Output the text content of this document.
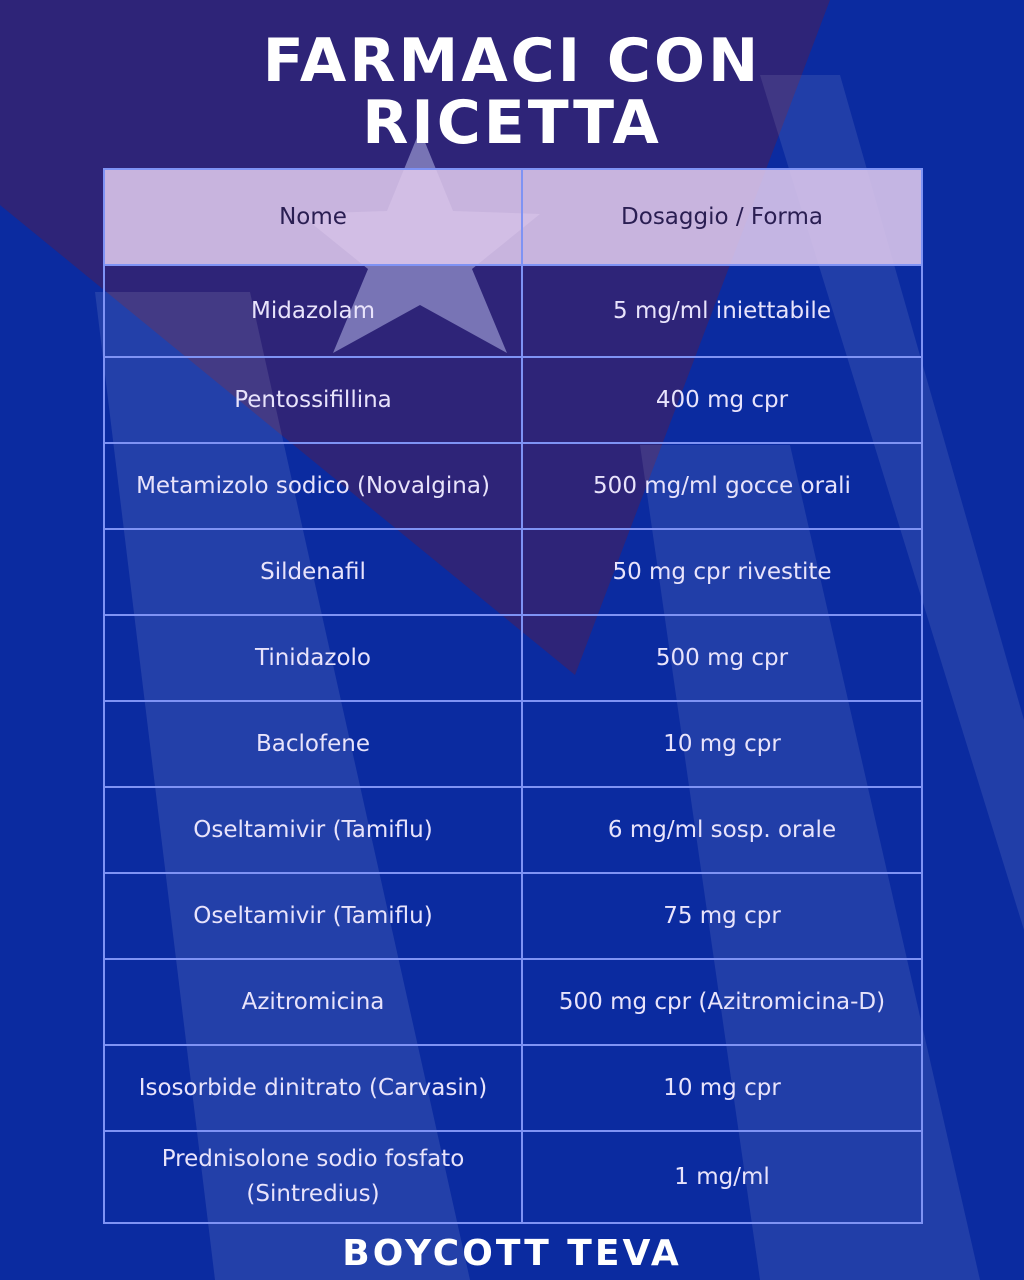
FARMACI CON
RICETTA
Nome	Dosaggio / Forma
Midazolam	5 mg/ml iniettabile
Pentossifillina	400 mg cpr
Metamizolo sodico (Novalgina)	500 mg/ml gocce orali
Sildenafil	50 mg cpr rivestite
Tinidazolo	500 mg cpr
Baclofene	10 mg cpr
Oseltamivir (Tamiflu)	6 mg/ml sosp. orale
Oseltamivir (Tamiflu)	75 mg cpr
Azitromicina	500 mg cpr (Azitromicina-D)
Isosorbide dinitrato (Carvasin)	10 mg cpr
Prednisolone sodio fosfato (Sintredius)	1 mg/ml
BOYCOTT TEVA
